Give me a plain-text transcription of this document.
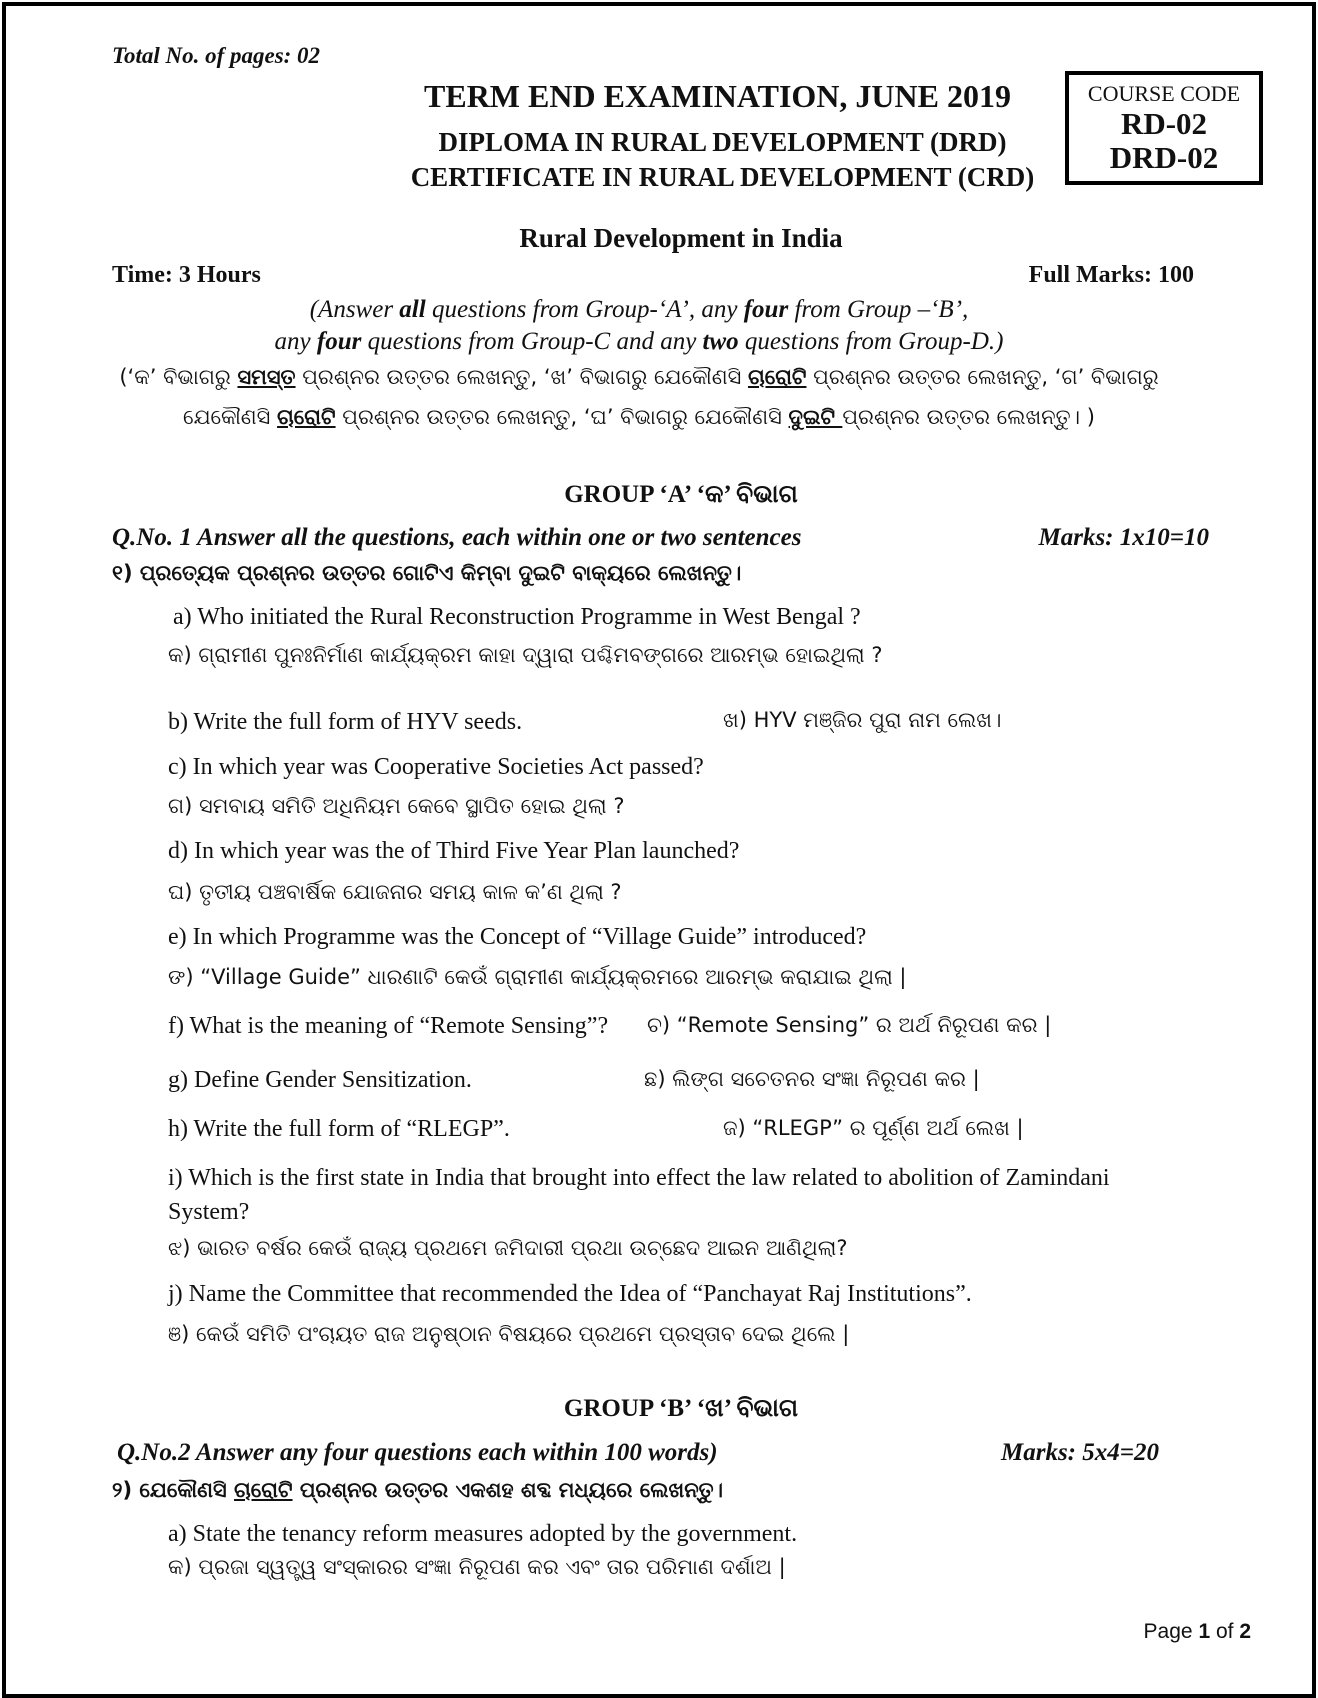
Total No. of pages: 02
TERM END EXAMINATION, JUNE 2019
DIPLOMA IN RURAL DEVELOPMENT (DRD)
CERTIFICATE IN RURAL DEVELOPMENT (CRD)
COURSE CODE
RD-02
DRD-02
Rural Development in India
Time: 3 Hours	Full Marks: 100
(Answer all questions from Group-‘A’, any four from Group –‘B’,
any four questions from Group-C and any two questions from Group-D.)
(‘କ’ ବିଭାଗରୁ ସମସ୍ତ ପ୍ରଶ୍ନର ଉତ୍ତର ଲେଖନ୍ତୁ, ‘ଖ’ ବିଭାଗରୁ ଯେକୌଣସି ଚାରୋଟି ପ୍ରଶ୍ନର ଉତ୍ତର ଲେଖନ୍ତୁ, ‘ଗ’ ବିଭାଗରୁ
ଯେକୌଣସି ଚାରୋଟି ପ୍ରଶ୍ନର ଉତ୍ତର ଲେଖନ୍ତୁ, ‘ଘ’ ବିଭାଗରୁ ଯେକୌଣସି ଦୁଇଟି ପ୍ରଶ୍ନର ଉତ୍ତର ଲେଖନ୍ତୁ। )
GROUP ‘A’ ‘କ’ ବିଭାଗ
Q.No. 1 Answer all the questions, each within one or two sentences	Marks: 1x10=10
୧) ପ୍ରତ୍ୟେକ ପ୍ରଶ୍ନର ଉତ୍ତର ଗୋଟିଏ କିମ୍ବା ଦୁଇଟି ବାକ୍ୟରେ ଲେଖନ୍ତୁ।
a) Who initiated the Rural Reconstruction Programme in West Bengal ?
କ) ଗ୍ରାମୀଣ ପୁନଃନିର୍ମାଣ କାର୍ଯ୍ୟକ୍ରମ କାହା ଦ୍ୱାରା ପଶ୍ଚିମବଙ୍ଗରେ ଆରମ୍ଭ ହୋଇଥିଲା ?
b) Write the full form of HYV seeds.	ଖ) HYV ମଞ୍ଜିର ପୁରା ନାମ ଲେଖ।
c) In which year was Cooperative Societies Act passed?
ଗ) ସମବାୟ ସମିତି ଅଧିନିୟମ କେବେ ସ୍ଥାପିତ ହୋଇ ଥିଲା ?
d) In which year was the of Third Five Year Plan launched?
ଘ) ତୃତୀୟ ପଞ୍ଚବାର୍ଷିକ ଯୋଜନାର ସମୟ କାଳ କ’ଣ ଥିଲା ?
e) In which Programme was the Concept of “Village Guide” introduced?
ଙ) “Village Guide” ଧାରଣାଟି କେଉଁ ଗ୍ରାମୀଣ କାର୍ଯ୍ୟକ୍ରମରେ ଆରମ୍ଭ କରାଯାଇ ଥିଲା |
f) What is the meaning of “Remote Sensing”? ଚ) “Remote Sensing” ର ଅର୍ଥ ନିରୂପଣ କର |
g) Define Gender Sensitization.	ଛ) ଲିଙ୍ଗ ସଚେତନର ସଂଜ୍ଞା ନିରୂପଣ କର |
h) Write the full form of “RLEGP”.	ଜ) “RLEGP” ର ପୂର୍ଣ୍ଣ ଅର୍ଥ ଲେଖ |
i) Which is the first state in India that brought into effect the law related to abolition of Zamindani
System?
ଝ) ଭାରତ ବର୍ଷର କେଉଁ ରାଜ୍ୟ ପ୍ରଥମେ ଜମିଦାରୀ ପ୍ରଥା ଉଚ୍ଛେଦ ଆଇନ ଆଣିଥିଲା?
j) Name the Committee that recommended the Idea of “Panchayat Raj Institutions”.
ଞ) କେଉଁ ସମିତି ପଂଚାୟତ ରାଜ ଅନୁଷ୍ଠାନ ବିଷୟରେ ପ୍ରଥମେ ପ୍ରସ୍ତାବ ଦେଇ ଥିଲେ |
GROUP ‘B’ ‘ଖ’ ବିଭାଗ
Q.No.2 Answer any four questions each within 100 words)	Marks: 5x4=20
୨) ଯେକୌଣସି ଚାରୋଟି ପ୍ରଶ୍ନର ଉତ୍ତର ଏକଶହ ଶବ୍ଦ ମଧ୍ୟରେ ଲେଖନ୍ତୁ।
a) State the tenancy reform measures adopted by the government.
କ) ପ୍ରଜା ସ୍ୱତ୍ତ୍ୱ ସଂସ୍କାରର ସଂଜ୍ଞା ନିରୂପଣ କର ଏବଂ ତାର ପରିମାଣ ଦର୍ଶାଅ |
Page 1 of 2
